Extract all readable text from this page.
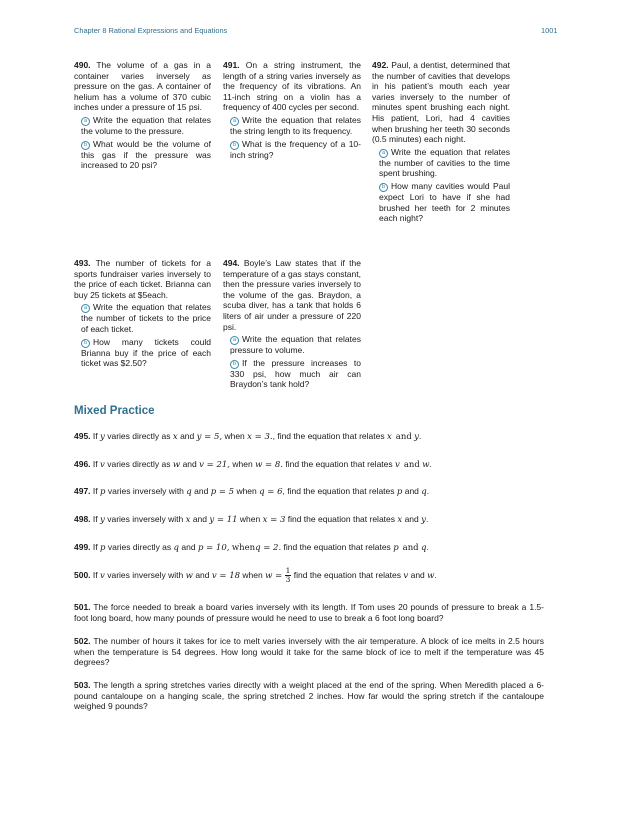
Chapter 8 Rational Expressions and Equations	1001

490. The volume of a gas in a container varies inversely as pressure on the gas. A container of helium has a volume of 370 cubic inches under a pressure of 15 psi.

a Write the equation that relates the volume to the pressure.
b What would be the volume of this gas if the pressure was increased to 20 psi?

491. On a string instrument, the length of a string varies inversely as the frequency of its vibrations. An 11-inch string on a violin has a frequency of 400 cycles per second.

a Write the equation that relates the string length to its frequency.
b What is the frequency of a 10-inch string?

492. Paul, a dentist, determined that the number of cavities that develops in his patient’s mouth each year varies inversely to the number of minutes spent brushing each night. His patient, Lori, had 4 cavities when brushing her teeth 30 seconds (0.5 minutes) each night.

a Write the equation that relates the number of cavities to the time spent brushing.
b How many cavities would Paul expect Lori to have if she had brushed her teeth for 2 minutes each night?

493. The number of tickets for a sports fundraiser varies inversely to the price of each ticket. Brianna can buy 25 tickets at $5each.

a Write the equation that relates the number of tickets to the price of each ticket.
b How many tickets could Brianna buy if the price of each ticket was $2.50?

494. Boyle’s Law states that if the temperature of a gas stays constant, then the pressure varies inversely to the volume of the gas. Braydon, a scuba diver, has a tank that holds 6 liters of air under a pressure of 220 psi.

a Write the equation that relates pressure to volume.
b If the pressure increases to 330 psi, how much air can Braydon’s tank hold?
Mixed Practice
495. If y varies directly as x and y = 5, when x = 3., find the equation that relates x and y.
496. If v varies directly as w and v = 21, when w = 8. find the equation that relates v and w.
497. If p varies inversely with q and p = 5 when q = 6, find the equation that relates p and q.
498. If y varies inversely with x and y = 11 when x = 3 find the equation that relates x and y.
499. If p varies directly as q and p = 10, whenq = 2. find the equation that relates p and q.
500. If v varies inversely with w and v = 18 when $w = \frac{1}{3}$ find the equation that relates v and w.
501. The force needed to break a board varies inversely with its length. If Tom uses 20 pounds of pressure to break a 1.5-foot long board, how many pounds of pressure would he need to use to break a 6 foot long board?
502. The number of hours it takes for ice to melt varies inversely with the air temperature. A block of ice melts in 2.5 hours when the temperature is 54 degrees. How long would it take for the same block of ice to melt if the temperature was 45 degrees?
503. The length a spring stretches varies directly with a weight placed at the end of the spring. When Meredith placed a 6-pound cantaloupe on a hanging scale, the spring stretched 2 inches. How far would the spring stretch if the cantaloupe weighed 9 pounds?
